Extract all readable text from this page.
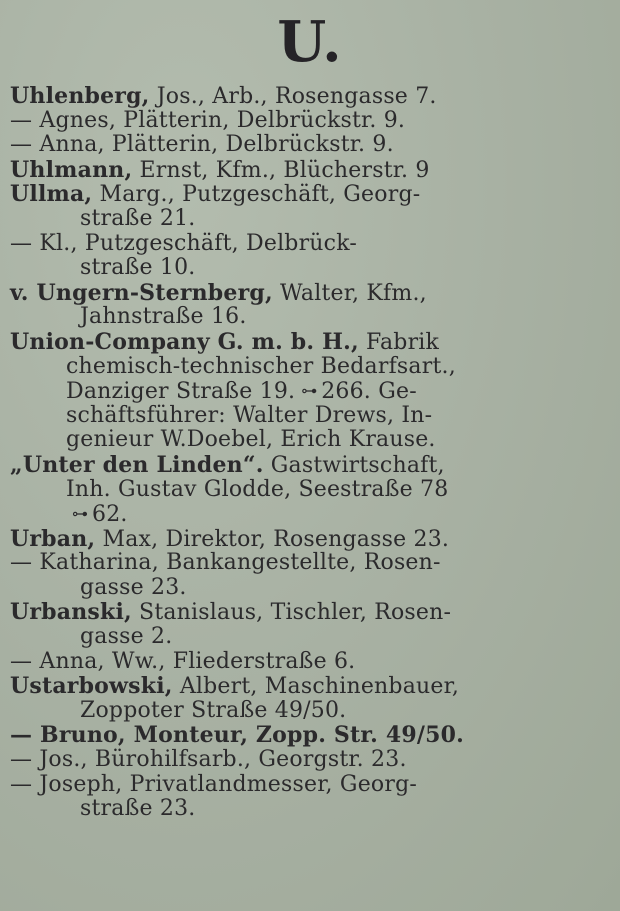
U.
Uhlenberg, Jos., Arb., Rosengasse 7.
— Agnes, Plätterin, Delbrückstr. 9.
— Anna, Plätterin, Delbrückstr. 9.
Uhlmann, Ernst, Kfm., Blücherstr. 9
Ullma, Marg., Putzgeschäft, Georg-
straße 21.
— Kl., Putzgeschäft, Delbrück-
straße 10.
v. Ungern-Sternberg, Walter, Kfm.,
Jahnstraße 16.
Union-Company G. m. b. H., Fabrik
chemisch-technischer Bedarfsart.,
Danziger Straße 19. ⊶ 266. Ge-
schäftsführer: Walter Drews, In-
genieur W.Doebel, Erich Krause.
„Unter den Linden“. Gastwirtschaft,
Inh. Gustav Glodde, Seestraße 78
⊶ 62.
Urban, Max, Direktor, Rosengasse 23.
— Katharina, Bankangestellte, Rosen-
gasse 23.
Urbanski, Stanislaus, Tischler, Rosen-
gasse 2.
— Anna, Ww., Fliederstraße 6.
Ustarbowski, Albert, Maschinenbauer,
Zoppoter Straße 49/50.
— Bruno, Monteur, Zopp. Str. 49/50.
— Jos., Bürohilfsarb., Georgstr. 23.
— Joseph, Privatlandmesser, Georg-
straße 23.
